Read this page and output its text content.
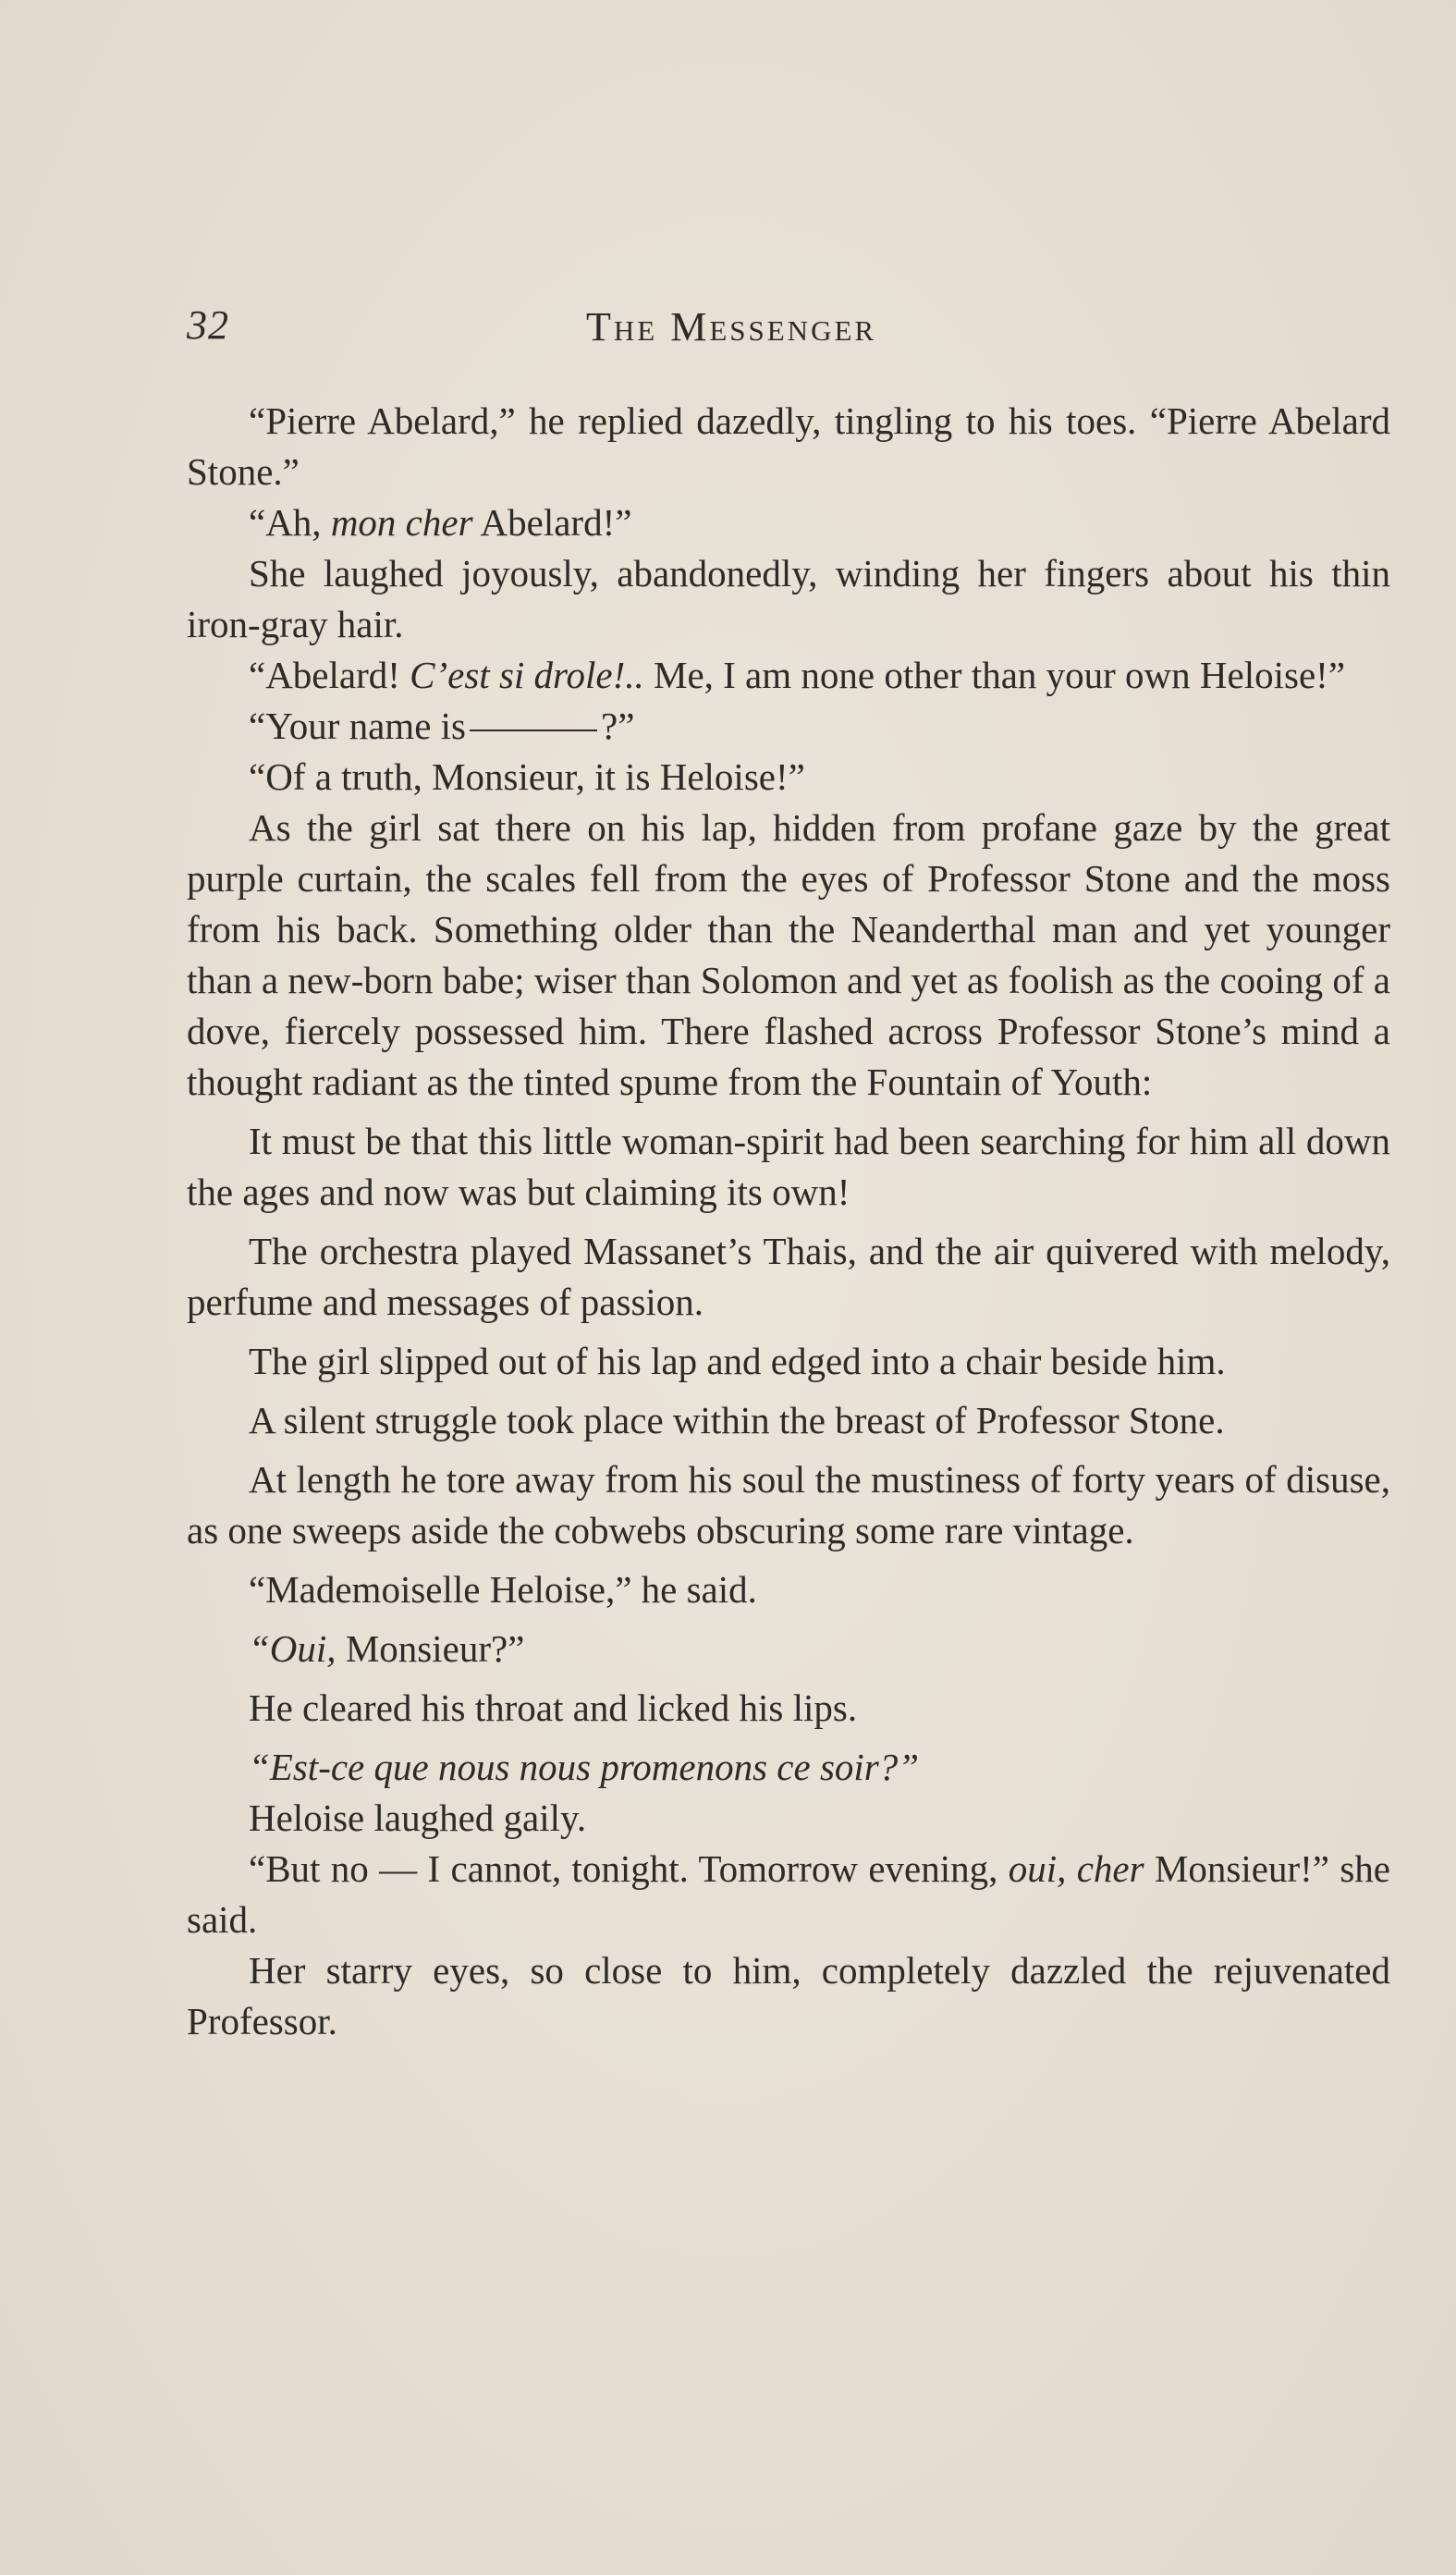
32	The Messenger

“Pierre Abelard,” he replied dazedly, tingling to his toes. “Pierre Abelard Stone.”

“Ah, mon cher Abelard!”

She laughed joyously, abandonedly, winding her fingers about his thin iron-gray hair.

“Abelard! C’est si drole!.. Me, I am none other than your own Heloise!”

“Your name is	?”

“Of a truth, Monsieur, it is Heloise!”

As the girl sat there on his lap, hidden from profane gaze by the great purple curtain, the scales fell from the eyes of Professor Stone and the moss from his back. Something older than the Neanderthal man and yet younger than a new-born babe; wiser than Solomon and yet as foolish as the cooing of a dove, fiercely possessed him. There flashed across Professor Stone’s mind a thought radiant as the tinted spume from the Fountain of Youth:

It must be that this little woman-spirit had been searching for him all down the ages and now was but claiming its own!

The orchestra played Massanet’s Thais, and the air quivered with melody, perfume and messages of passion.

The girl slipped out of his lap and edged into a chair beside him.

A silent struggle took place within the breast of Professor Stone.

At length he tore away from his soul the mustiness of forty years of disuse, as one sweeps aside the cobwebs obscuring some rare vintage.

“Mademoiselle Heloise,” he said.

“Oui, Monsieur?”

He cleared his throat and licked his lips.

“Est-ce que nous nous promenons ce soir?”

Heloise laughed gaily.

“But no — I cannot, tonight. Tomorrow evening, oui, cher Monsieur!” she said.

Her starry eyes, so close to him, completely dazzled the rejuvenated Professor.
